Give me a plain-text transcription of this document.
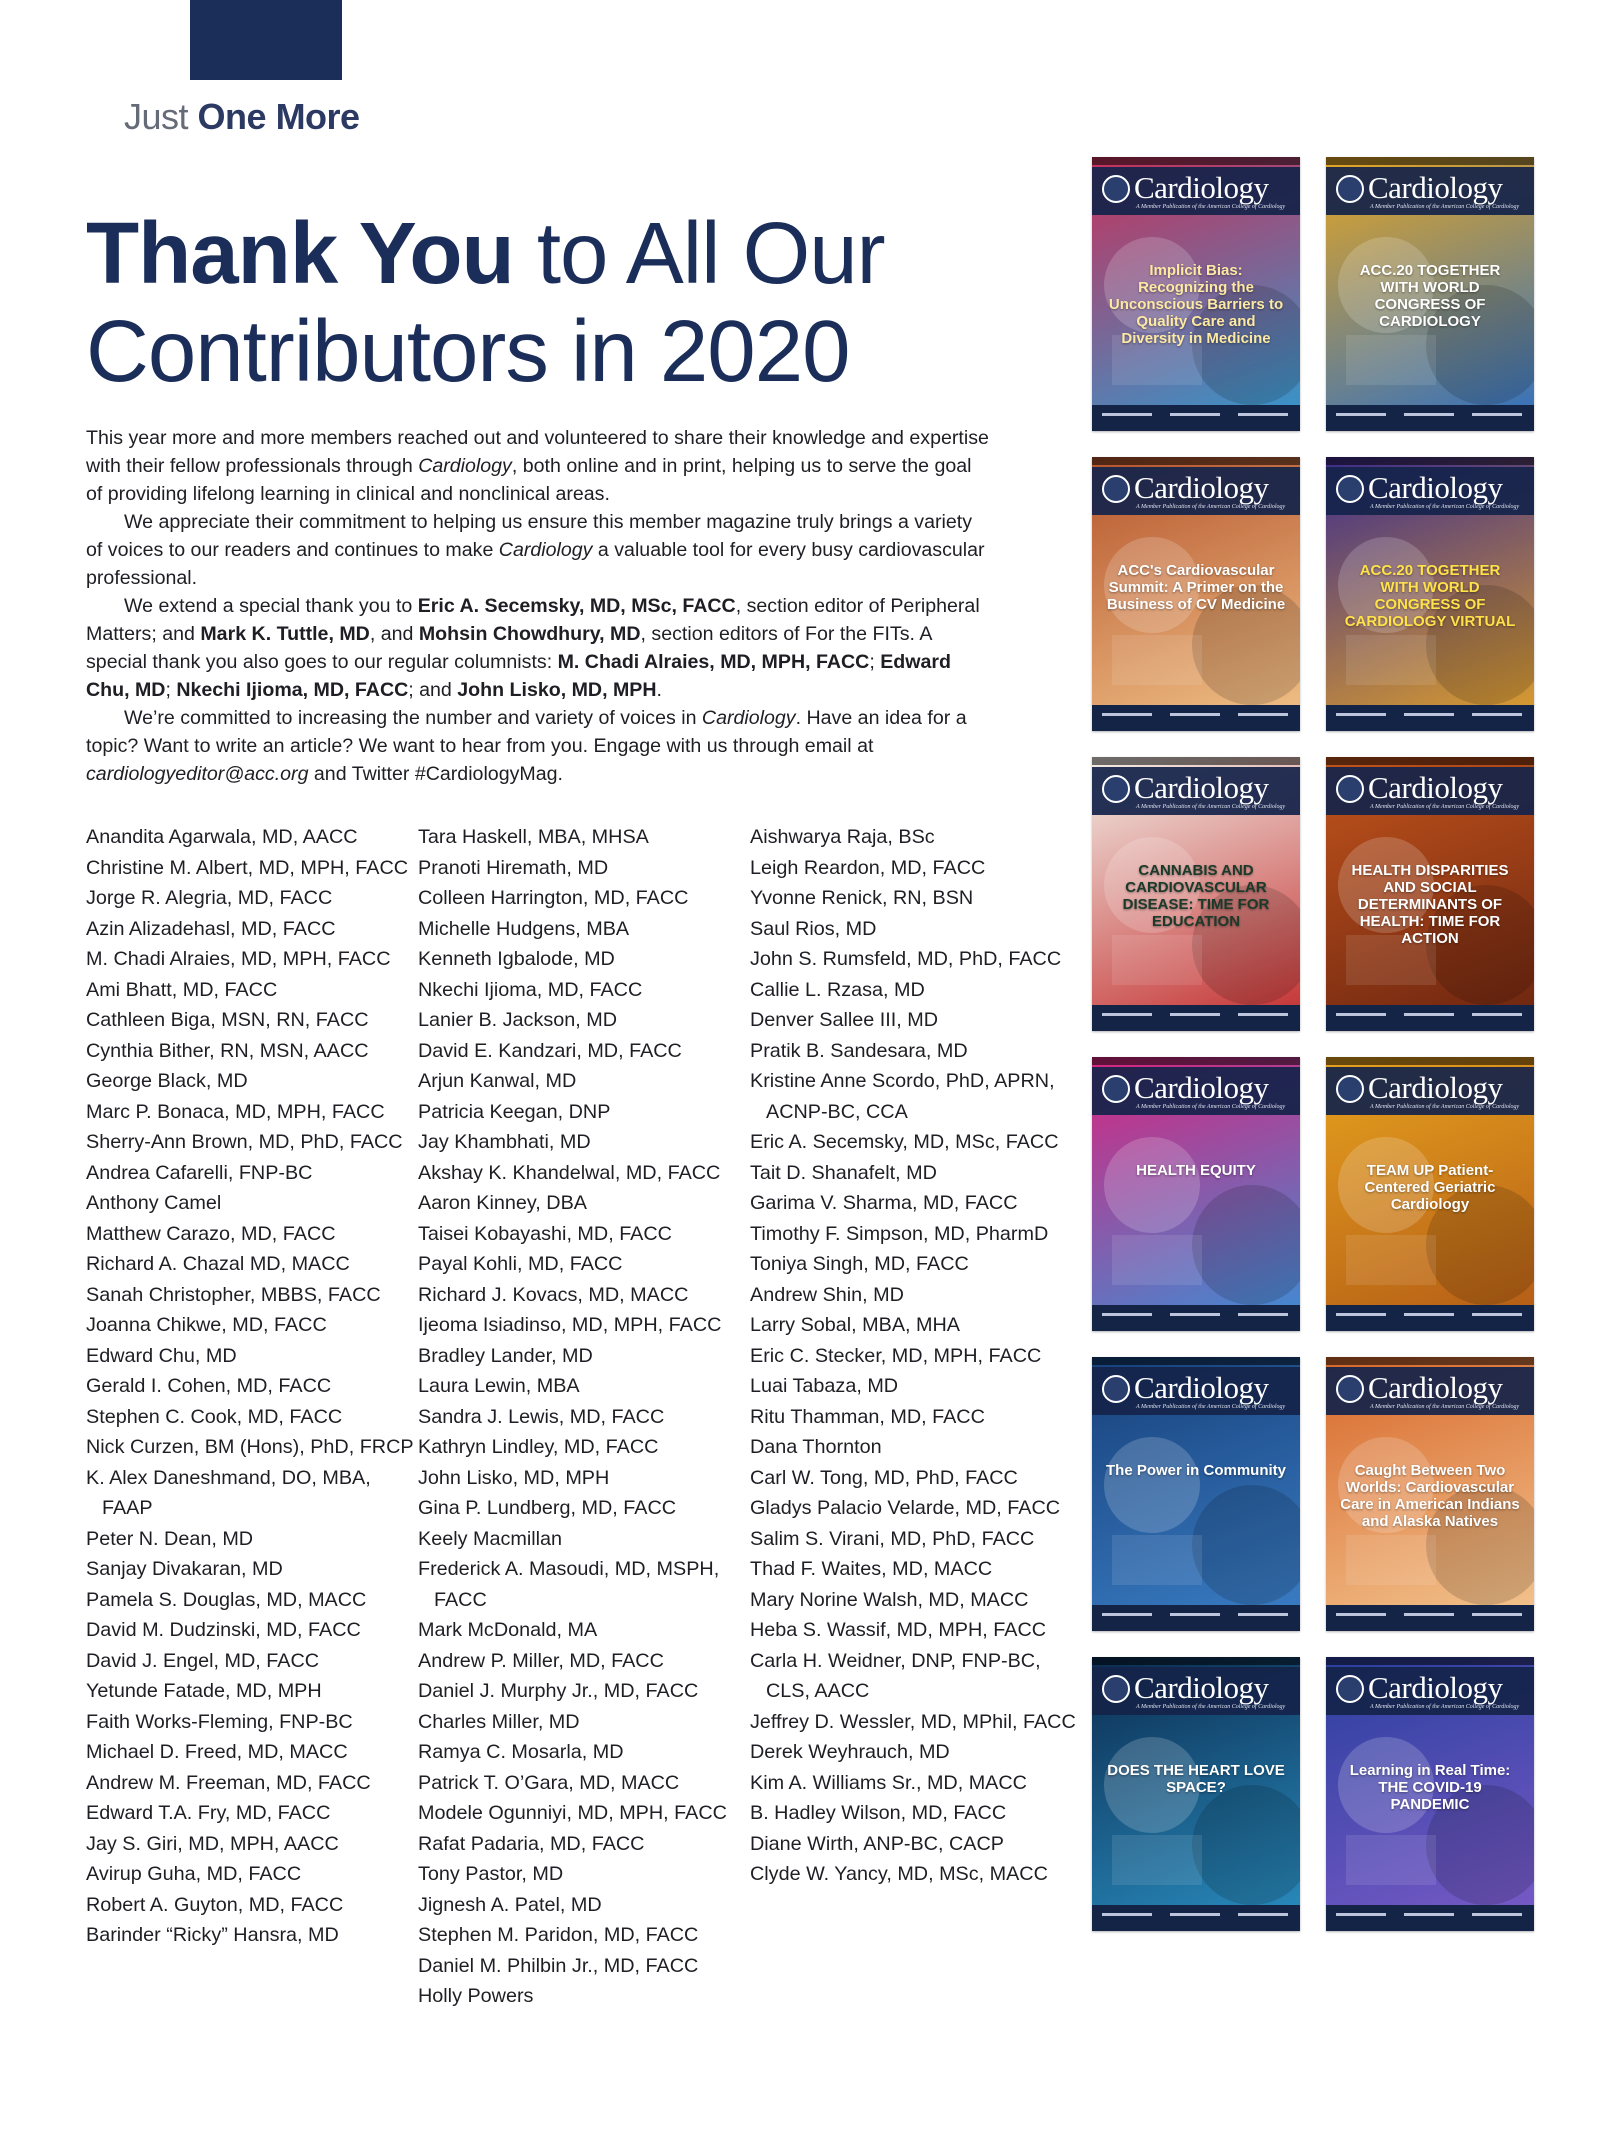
Just One More
Thank You to All Our
Contributors in 2020

This year more and more members reached out and volunteered to share their knowledge and expertise with their fellow professionals through Cardiology, both online and in print, helping us to serve the goal of providing lifelong learning in clinical and nonclinical areas.

We appreciate their commitment to helping us ensure this member magazine truly brings a variety of voices to our readers and continues to make Cardiology a valuable tool for every busy cardiovascular professional.

We extend a special thank you to Eric A. Secemsky, MD, MSc, FACC, section editor of Peripheral Matters; and Mark K. Tuttle, MD, and Mohsin Chowdhury, MD, section editors of For the FITs. A special thank you also goes to our regular columnists: M. Chadi Alraies, MD, MPH, FACC; Edward Chu, MD; Nkechi Ijioma, MD, FACC; and John Lisko, MD, MPH.

We’re committed to increasing the number and variety of voices in Cardiology. Have an idea for a topic? Want to write an article? We want to hear from you. Engage with us through email at cardiologyeditor@acc.org and Twitter #CardiologyMag.

Anandita Agarwala, MD, AACC
Christine M. Albert, MD, MPH, FACC
Jorge R. Alegria, MD, FACC
Azin Alizadehasl, MD, FACC
M. Chadi Alraies, MD, MPH, FACC
Ami Bhatt, MD, FACC
Cathleen Biga, MSN, RN, FACC
Cynthia Bither, RN, MSN, AACC
George Black, MD
Marc P. Bonaca, MD, MPH, FACC
Sherry-Ann Brown, MD, PhD, FACC
Andrea Cafarelli, FNP-BC
Anthony Camel
Matthew Carazo, MD, FACC
Richard A. Chazal MD, MACC
Sanah Christopher, MBBS, FACC
Joanna Chikwe, MD, FACC
Edward Chu, MD
Gerald I. Cohen, MD, FACC
Stephen C. Cook, MD, FACC
Nick Curzen, BM (Hons), PhD, FRCP
K. Alex Daneshmand, DO, MBA, FAAP
Peter N. Dean, MD
Sanjay Divakaran, MD
Pamela S. Douglas, MD, MACC
David M. Dudzinski, MD, FACC
David J. Engel, MD, FACC
Yetunde Fatade, MD, MPH
Faith Works-Fleming, FNP-BC
Michael D. Freed, MD, MACC
Andrew M. Freeman, MD, FACC
Edward T.A. Fry, MD, FACC
Jay S. Giri, MD, MPH, AACC
Avirup Guha, MD, FACC
Robert A. Guyton, MD, FACC
Barinder “Ricky” Hansra, MD
Tara Haskell, MBA, MHSA
Pranoti Hiremath, MD
Colleen Harrington, MD, FACC
Michelle Hudgens, MBA
Kenneth Igbalode, MD
Nkechi Ijioma, MD, FACC
Lanier B. Jackson, MD
David E. Kandzari, MD, FACC
Arjun Kanwal, MD
Patricia Keegan, DNP
Jay Khambhati, MD
Akshay K. Khandelwal, MD, FACC
Aaron Kinney, DBA
Taisei Kobayashi, MD, FACC
Payal Kohli, MD, FACC
Richard J. Kovacs, MD, MACC
Ijeoma Isiadinso, MD, MPH, FACC
Bradley Lander, MD
Laura Lewin, MBA
Sandra J. Lewis, MD, FACC
Kathryn Lindley, MD, FACC
John Lisko, MD, MPH
Gina P. Lundberg, MD, FACC
Keely Macmillan
Frederick A. Masoudi, MD, MSPH, FACC
Mark McDonald, MA
Andrew P. Miller, MD, FACC
Daniel J. Murphy Jr., MD, FACC
Charles Miller, MD
Ramya C. Mosarla, MD
Patrick T. O’Gara, MD, MACC
Modele Ogunniyi, MD, MPH, FACC
Rafat Padaria, MD, FACC
Tony Pastor, MD
Jignesh A. Patel, MD
Stephen M. Paridon, MD, FACC
Daniel M. Philbin Jr., MD, FACC
Holly Powers
Aishwarya Raja, BSc
Leigh Reardon, MD, FACC
Yvonne Renick, RN, BSN
Saul Rios, MD
John S. Rumsfeld, MD, PhD, FACC
Callie L. Rzasa, MD
Denver Sallee III, MD
Pratik B. Sandesara, MD
Kristine Anne Scordo, PhD, APRN, ACNP-BC, CCA
Eric A. Secemsky, MD, MSc, FACC
Tait D. Shanafelt, MD
Garima V. Sharma, MD, FACC
Timothy F. Simpson, MD, PharmD
Toniya Singh, MD, FACC
Andrew Shin, MD
Larry Sobal, MBA, MHA
Eric C. Stecker, MD, MPH, FACC
Luai Tabaza, MD
Ritu Thamman, MD, FACC
Dana Thornton
Carl W. Tong, MD, PhD, FACC
Gladys Palacio Velarde, MD, FACC
Salim S. Virani, MD, PhD, FACC
Thad F. Waites, MD, MACC
Mary Norine Walsh, MD, MACC
Heba S. Wassif, MD, MPH, FACC
Carla H. Weidner, DNP, FNP-BC, CLS, AACC
Jeffrey D. Wessler, MD, MPhil, FACC
Derek Weyhrauch, MD
Kim A. Williams Sr., MD, MACC
B. Hadley Wilson, MD, FACC
Diane Wirth, ANP-BC, CACP
Clyde W. Yancy, MD, MSc, MACC
Cardiology
A Member Publication of the American College of Cardiology
Implicit Bias: Recognizing the Unconscious Barriers to Quality Care and Diversity in Medicine
Cardiology
A Member Publication of the American College of Cardiology
ACC.20 TOGETHER WITH WORLD CONGRESS OF CARDIOLOGY
Cardiology
A Member Publication of the American College of Cardiology
ACC's Cardiovascular Summit: A Primer on the Business of CV Medicine
Cardiology
A Member Publication of the American College of Cardiology
ACC.20 TOGETHER WITH WORLD CONGRESS OF CARDIOLOGY VIRTUAL
Cardiology
A Member Publication of the American College of Cardiology
CANNABIS AND CARDIOVASCULAR DISEASE: TIME FOR EDUCATION
Cardiology
A Member Publication of the American College of Cardiology
HEALTH DISPARITIES AND SOCIAL DETERMINANTS OF HEALTH: TIME FOR ACTION
Cardiology
A Member Publication of the American College of Cardiology
HEALTH EQUITY
Cardiology
A Member Publication of the American College of Cardiology
TEAM UP Patient-Centered Geriatric Cardiology
Cardiology
A Member Publication of the American College of Cardiology
The Power in Community
Cardiology
A Member Publication of the American College of Cardiology
Caught Between Two Worlds: Cardiovascular Care in American Indians and Alaska Natives
Cardiology
A Member Publication of the American College of Cardiology
DOES THE HEART LOVE SPACE?
Cardiology
A Member Publication of the American College of Cardiology
Learning in Real Time: THE COVID-19 PANDEMIC
